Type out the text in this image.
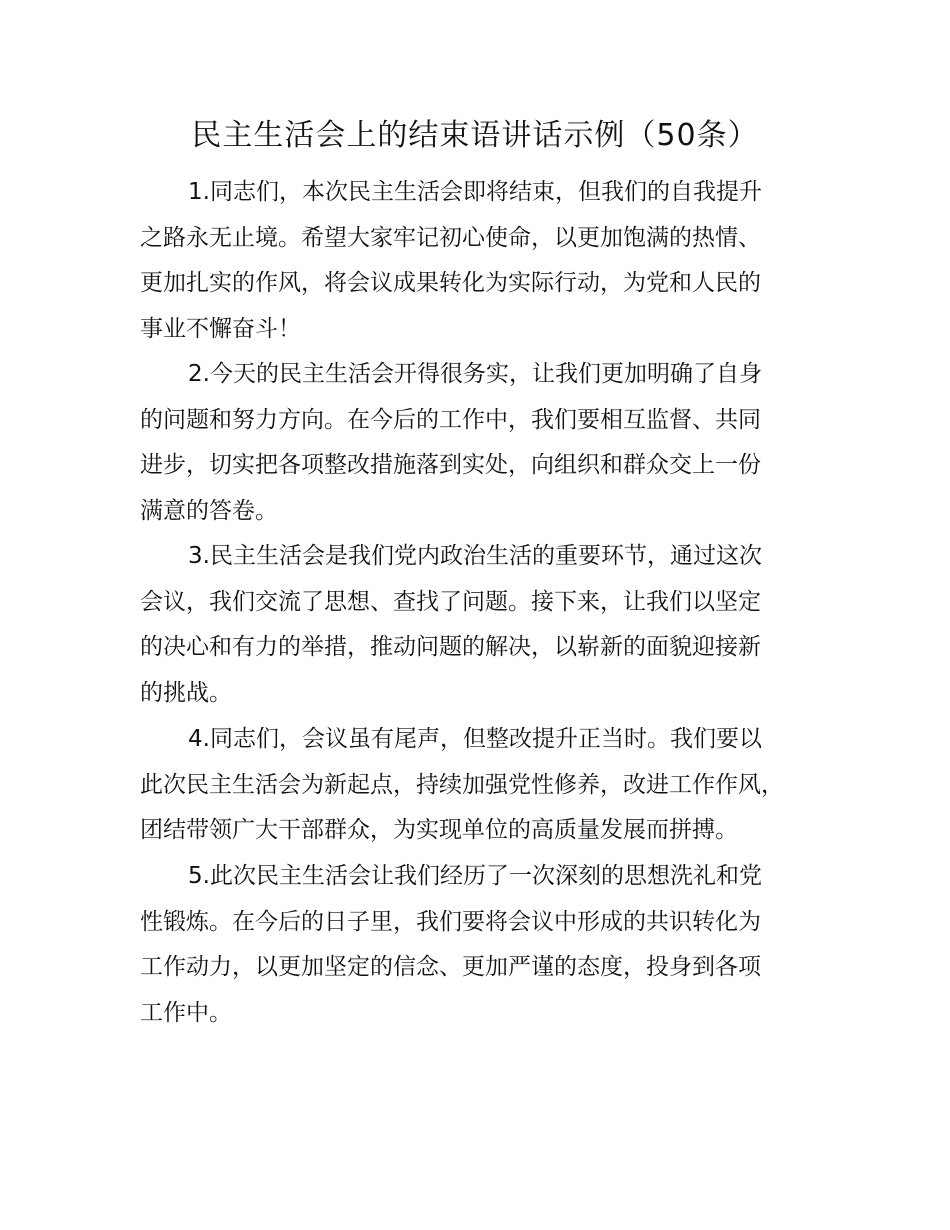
民主生活会上的结束语讲话示例（50条）
1.同志们，本次民主生活会即将结束，但我们的自我提升
之路永无止境。希望大家牢记初心使命，以更加饱满的热情、
更加扎实的作风，将会议成果转化为实际行动，为党和人民的
事业不懈奋斗！
2.今天的民主生活会开得很务实，让我们更加明确了自身
的问题和努力方向。在今后的工作中，我们要相互监督、共同
进步，切实把各项整改措施落到实处，向组织和群众交上一份
满意的答卷。
3.民主生活会是我们党内政治生活的重要环节，通过这次
会议，我们交流了思想、查找了问题。接下来，让我们以坚定
的决心和有力的举措，推动问题的解决，以崭新的面貌迎接新
的挑战。
4.同志们，会议虽有尾声，但整改提升正当时。我们要以
此次民主生活会为新起点，持续加强党性修养，改进工作作风，
团结带领广大干部群众，为实现单位的高质量发展而拼搏。
5.此次民主生活会让我们经历了一次深刻的思想洗礼和党
性锻炼。在今后的日子里，我们要将会议中形成的共识转化为
工作动力，以更加坚定的信念、更加严谨的态度，投身到各项
工作中。
